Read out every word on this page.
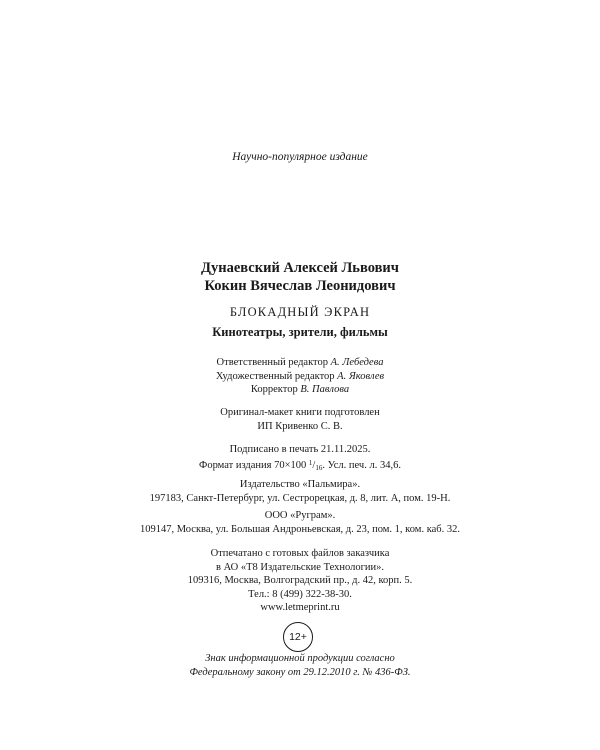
Научно-популярное издание
Дунаевский Алексей Львович
Кокин Вячеслав Леонидович
БЛОКАДНЫЙ ЭКРАН
Кинотеатры, зрители, фильмы
Ответственный редактор А. Лебедева
Художественный редактор А. Яковлев
Корректор В. Павлова
Оригинал-макет книги подготовлен
ИП Кривенко С. В.
Подписано в печать 21.11.2025.
Формат издания 70×100 $^1$/16. Усл. печ. л. 34,6.
Издательство «Пальмира».
197183, Санкт-Петербург, ул. Сестрорецкая, д. 8, лит. А, пом. 19-Н.
ООО «Руграм».
109147, Москва, ул. Большая Андроньевская, д. 23, пом. 1, ком. каб. 32.
Отпечатано с готовых файлов заказчика
в АО «Т8 Издательские Технологии».
109316, Москва, Волгоградский пр., д. 42, корп. 5.
Тел.: 8 (499) 322-38-30.
www.letmeprint.ru
12+
Знак информационной продукции согласно
Федеральному закону от 29.12.2010 г. № 436-ФЗ.
